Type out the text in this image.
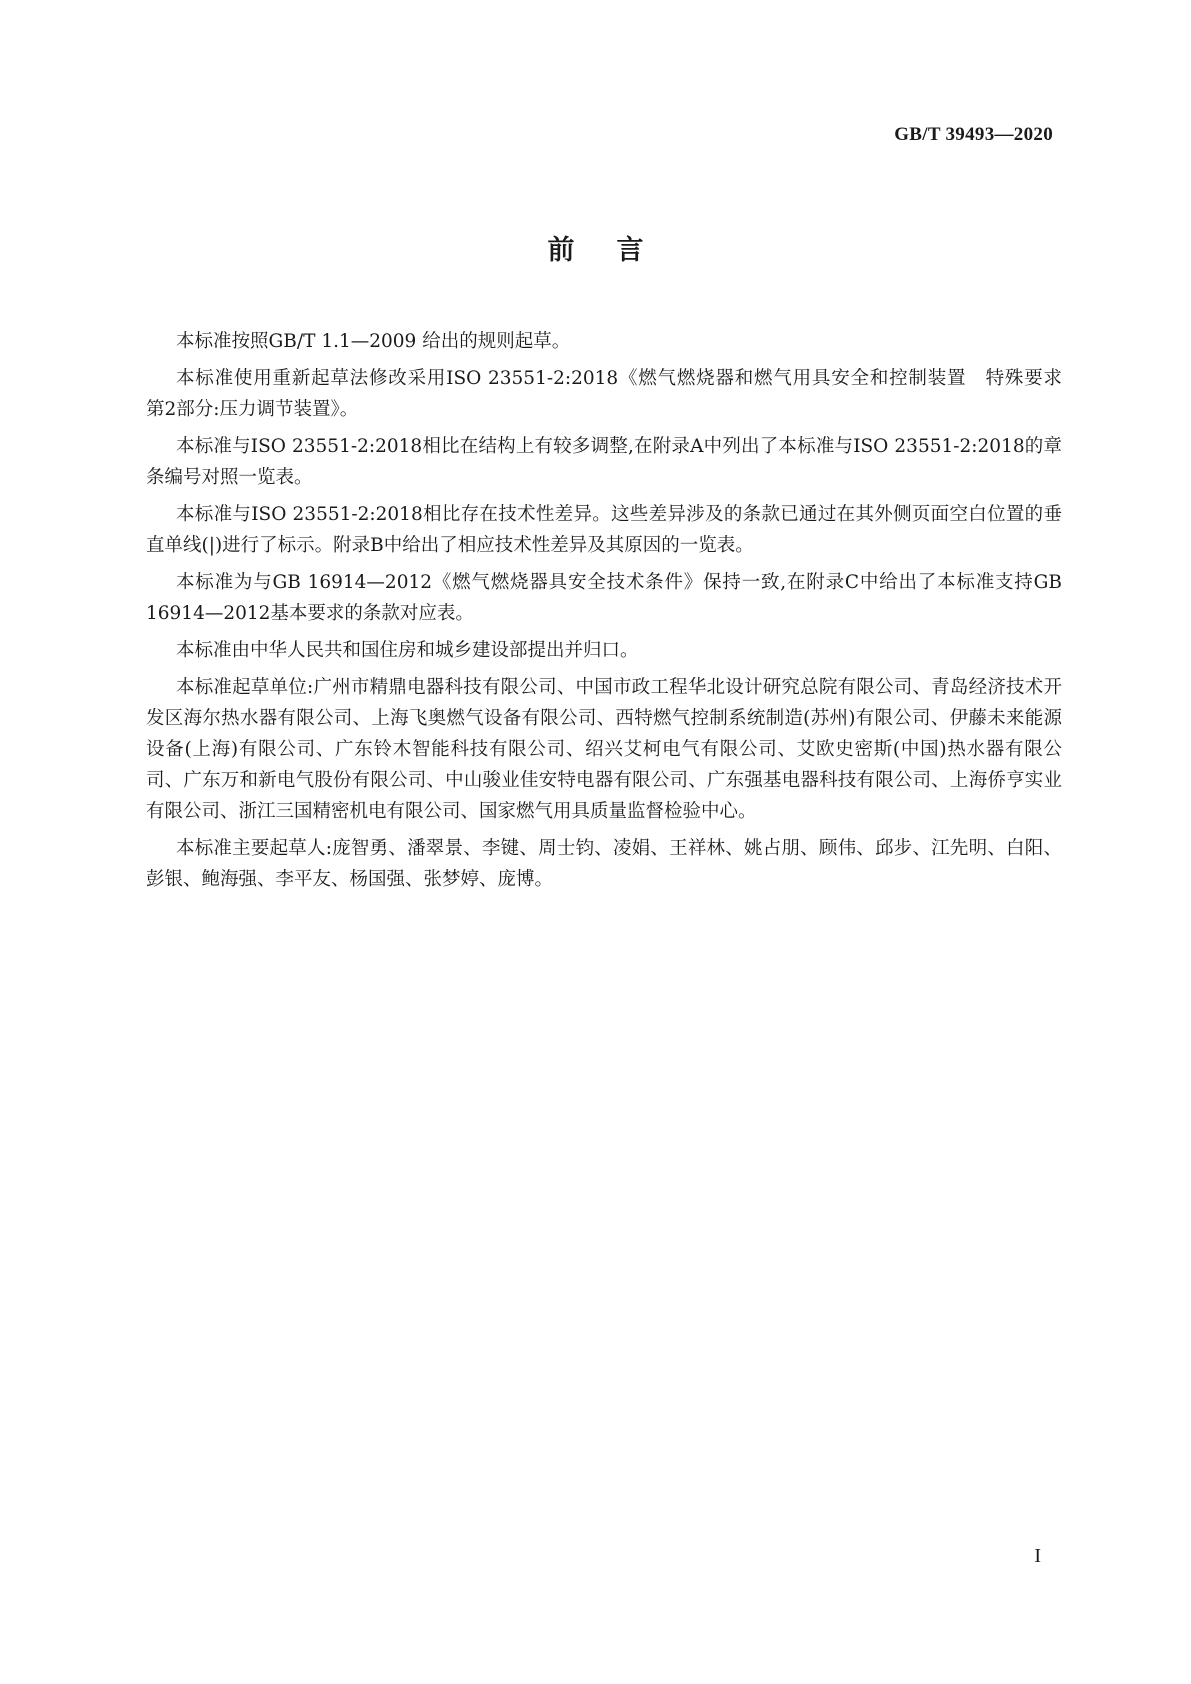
GB/T 39493—2020
前言

本标准按照GB/T 1.1—2009 给出的规则起草。

本标准使用重新起草法修改采用ISO 23551-2:2018《燃气燃烧器和燃气用具安全和控制装置　特殊要求　第2部分:压力调节装置》。

本标准与ISO 23551-2:2018相比在结构上有较多调整,在附录A中列出了本标准与ISO 23551-2:2018的章条编号对照一览表。

本标准与ISO 23551-2:2018相比存在技术性差异。这些差异涉及的条款已通过在其外侧页面空白位置的垂直单线(|)进行了标示。附录B中给出了相应技术性差异及其原因的一览表。

本标准为与GB 16914—2012《燃气燃烧器具安全技术条件》保持一致,在附录C中给出了本标准支持GB 16914—2012基本要求的条款对应表。

本标准由中华人民共和国住房和城乡建设部提出并归口。

本标准起草单位:广州市精鼎电器科技有限公司、中国市政工程华北设计研究总院有限公司、青岛经济技术开发区海尔热水器有限公司、上海飞奥燃气设备有限公司、西特燃气控制系统制造(苏州)有限公司、伊藤未来能源设备(上海)有限公司、广东铃木智能科技有限公司、绍兴艾柯电气有限公司、艾欧史密斯(中国)热水器有限公司、广东万和新电气股份有限公司、中山骏业佳安特电器有限公司、广东强基电器科技有限公司、上海侨亨实业有限公司、浙江三国精密机电有限公司、国家燃气用具质量监督检验中心。

本标准主要起草人:庞智勇、潘翠景、李键、周士钧、凌娟、王祥林、姚占朋、顾伟、邱步、江先明、白阳、彭银、鲍海强、李平友、杨国强、张梦婷、庞博。

I
